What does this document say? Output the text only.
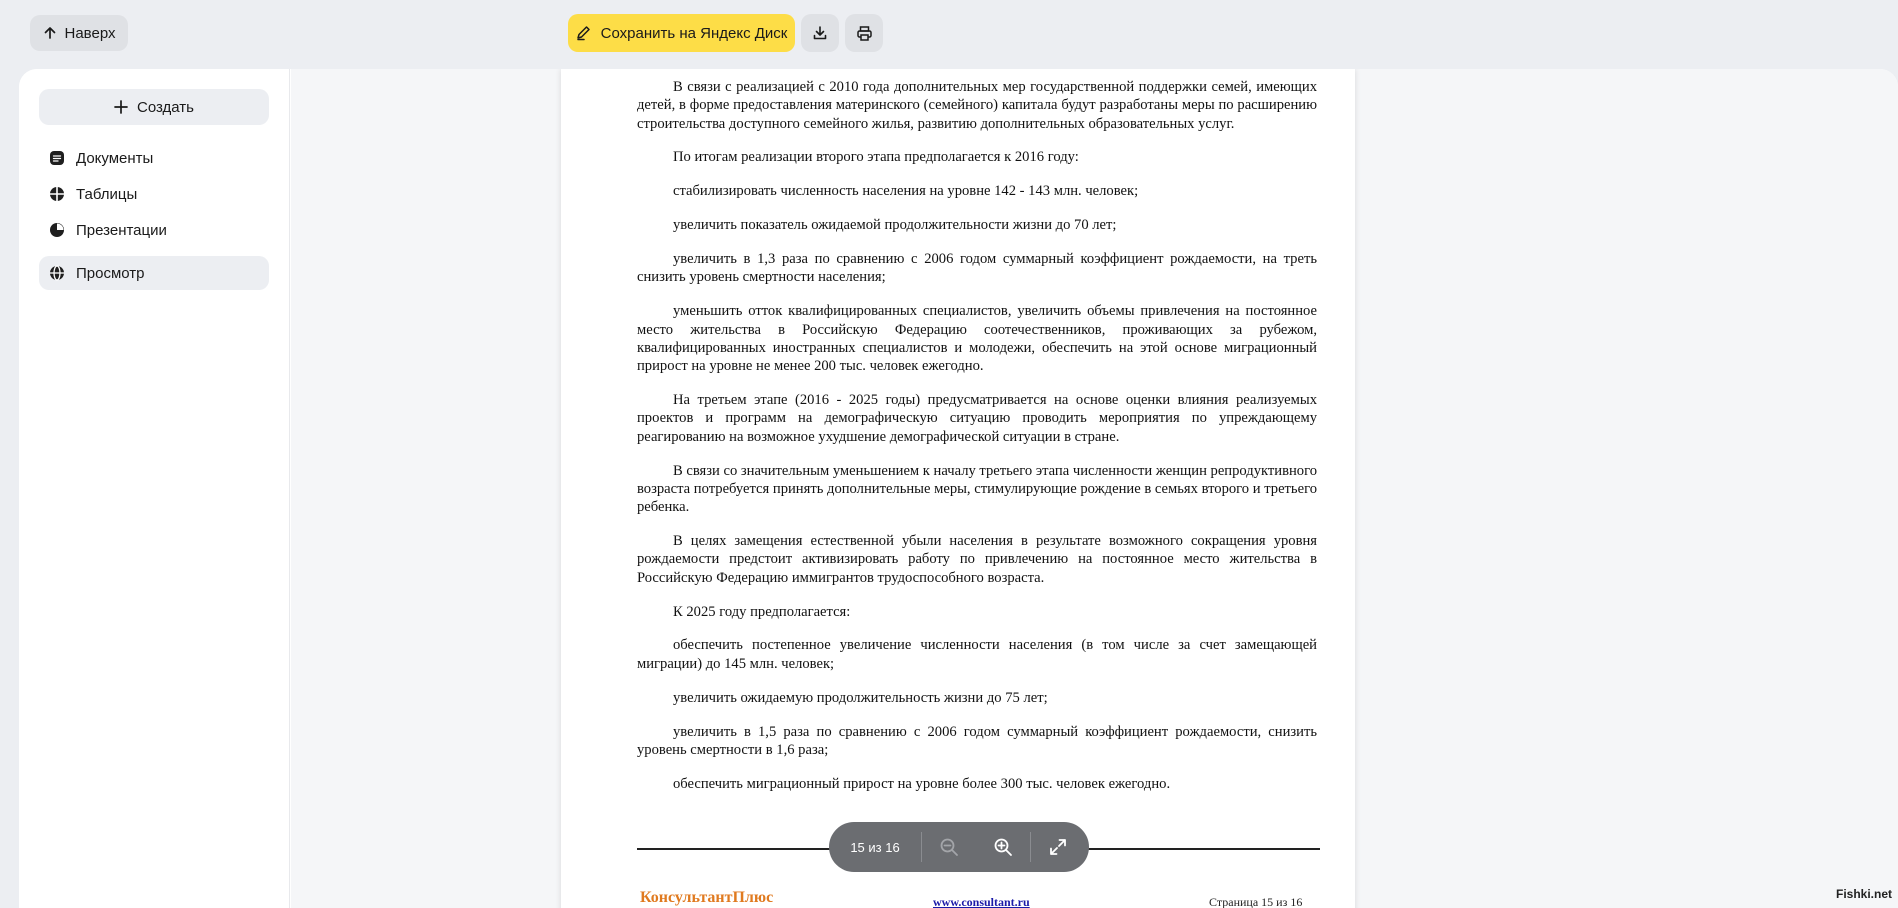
Наверх	Сохранить на Яндекс Диск
Создать
Документы
Таблицы
Презентации
Просмотр

В связи с реализацией с 2010 года дополнительных мер государственной поддержки семей, имеющих детей, в форме предоставления материнского (семейного) капитала будут разработаны меры по расширению строительства доступного семейного жилья, развитию дополнительных образовательных услуг.

По итогам реализации второго этапа предполагается к 2016 году:

стабилизировать численность населения на уровне 142 - 143 млн. человек;

увеличить показатель ожидаемой продолжительности жизни до 70 лет;

увеличить в 1,3 раза по сравнению с 2006 годом суммарный коэффициент рождаемости, на треть снизить уровень смертности населения;

уменьшить отток квалифицированных специалистов, увеличить объемы привлечения на постоянное место жительства в Российскую Федерацию соотечественников, проживающих за рубежом, квалифицированных иностранных специалистов и молодежи, обеспечить на этой основе миграционный прирост на уровне не менее 200 тыс. человек ежегодно.

На третьем этапе (2016 - 2025 годы) предусматривается на основе оценки влияния реализуемых проектов и программ на демографическую ситуацию проводить мероприятия по упреждающему реагированию на возможное ухудшение демографической ситуации в стране.

В связи со значительным уменьшением к началу третьего этапа численности женщин репродуктивного возраста потребуется принять дополнительные меры, стимулирующие рождение в семьях второго и третьего ребенка.

В целях замещения естественной убыли населения в результате возможного сокращения уровня рождаемости предстоит активизировать работу по привлечению на постоянное место жительства в Российскую Федерацию иммигрантов трудоспособного возраста.

К 2025 году предполагается:

обеспечить постепенное увеличение численности населения (в том числе за счет замещающей миграции) до 145 млн. человек;

увеличить ожидаемую продолжительность жизни до 75 лет;

увеличить в 1,5 раза по сравнению с 2006 годом суммарный коэффициент рождаемости, снизить уровень смертности в 1,6 раза;

обеспечить миграционный прирост на уровне более 300 тыс. человек ежегодно.

КонсультантПлюс	www.consultant.ru	Страница 15 из 16
15 из 16
Fishki.net
